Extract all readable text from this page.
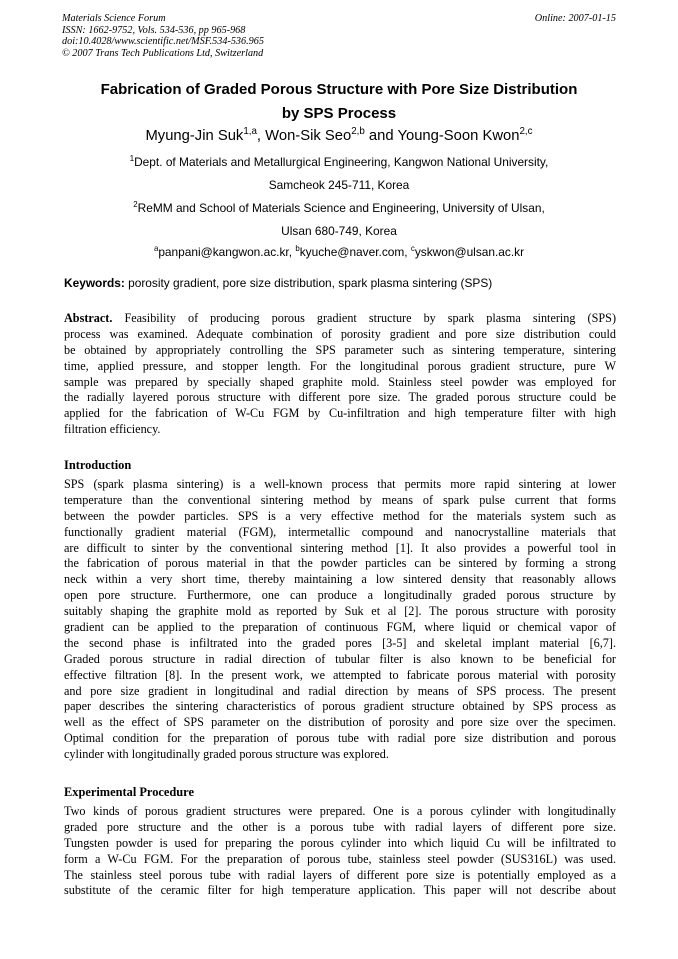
Materials Science Forum	Online: 2007-01-15
ISSN: 1662-9752, Vols. 534-536, pp 965-968
doi:10.4028/www.scientific.net/MSF.534-536.965
© 2007 Trans Tech Publications Ltd, Switzerland
Fabrication of Graded Porous Structure with Pore Size Distribution
by SPS Process
Myung-Jin Suk$^{1,a}$, Won-Sik Seo$^{2,b}$ and Young-Soon Kwon$^{2,c}$
$^1$Dept. of Materials and Metallurgical Engineering, Kangwon National University,
Samcheok 245-711, Korea
$^2$ReMM and School of Materials Science and Engineering, University of Ulsan,
Ulsan 680-749, Korea
$^a$panpani@kangwon.ac.kr, $^b$kyuche@naver.com, $^c$yskwon@ulsan.ac.kr
Keywords: porosity gradient, pore size distribution, spark plasma sintering (SPS)
Abstract. Feasibility of producing porous gradient structure by spark plasma sintering (SPS)
process was examined. Adequate combination of porosity gradient and pore size distribution could
be obtained by appropriately controlling the SPS parameter such as sintering temperature, sintering
time, applied pressure, and stopper length. For the longitudinal porous gradient structure, pure W
sample was prepared by specially shaped graphite mold. Stainless steel powder was employed for
the radially layered porous structure with different pore size. The graded porous structure could be
applied for the fabrication of W-Cu FGM by Cu-infiltration and high temperature filter with high
filtration efficiency.
Introduction
SPS (spark plasma sintering) is a well-known process that permits more rapid sintering at lower
temperature than the conventional sintering method by means of spark pulse current that forms
between the powder particles. SPS is a very effective method for the materials system such as
functionally gradient material (FGM), intermetallic compound and nanocrystalline materials that
are difficult to sinter by the conventional sintering method [1]. It also provides a powerful tool in
the fabrication of porous material in that the powder particles can be sintered by forming a strong
neck within a very short time, thereby maintaining a low sintered density that reasonably allows
open pore structure. Furthermore, one can produce a longitudinally graded porous structure by
suitably shaping the graphite mold as reported by Suk et al [2]. The porous structure with porosity
gradient can be applied to the preparation of continuous FGM, where liquid or chemical vapor of
the second phase is infiltrated into the graded pores [3-5] and skeletal implant material [6,7].
Graded porous structure in radial direction of tubular filter is also known to be beneficial for
effective filtration [8]. In the present work, we attempted to fabricate porous material with porosity
and pore size gradient in longitudinal and radial direction by means of SPS process. The present
paper describes the sintering characteristics of porous gradient structure obtained by SPS process as
well as the effect of SPS parameter on the distribution of porosity and pore size over the specimen.
Optimal condition for the preparation of porous tube with radial pore size distribution and porous
cylinder with longitudinally graded porous structure was explored.
Experimental Procedure
Two kinds of porous gradient structures were prepared. One is a porous cylinder with longitudinally
graded pore structure and the other is a porous tube with radial layers of different pore size.
Tungsten powder is used for preparing the porous cylinder into which liquid Cu will be infiltrated to
form a W-Cu FGM. For the preparation of porous tube, stainless steel powder (SUS316L) was used.
The stainless steel porous tube with radial layers of different pore size is potentially employed as a
substitute of the ceramic filter for high temperature application. This paper will not describe about
